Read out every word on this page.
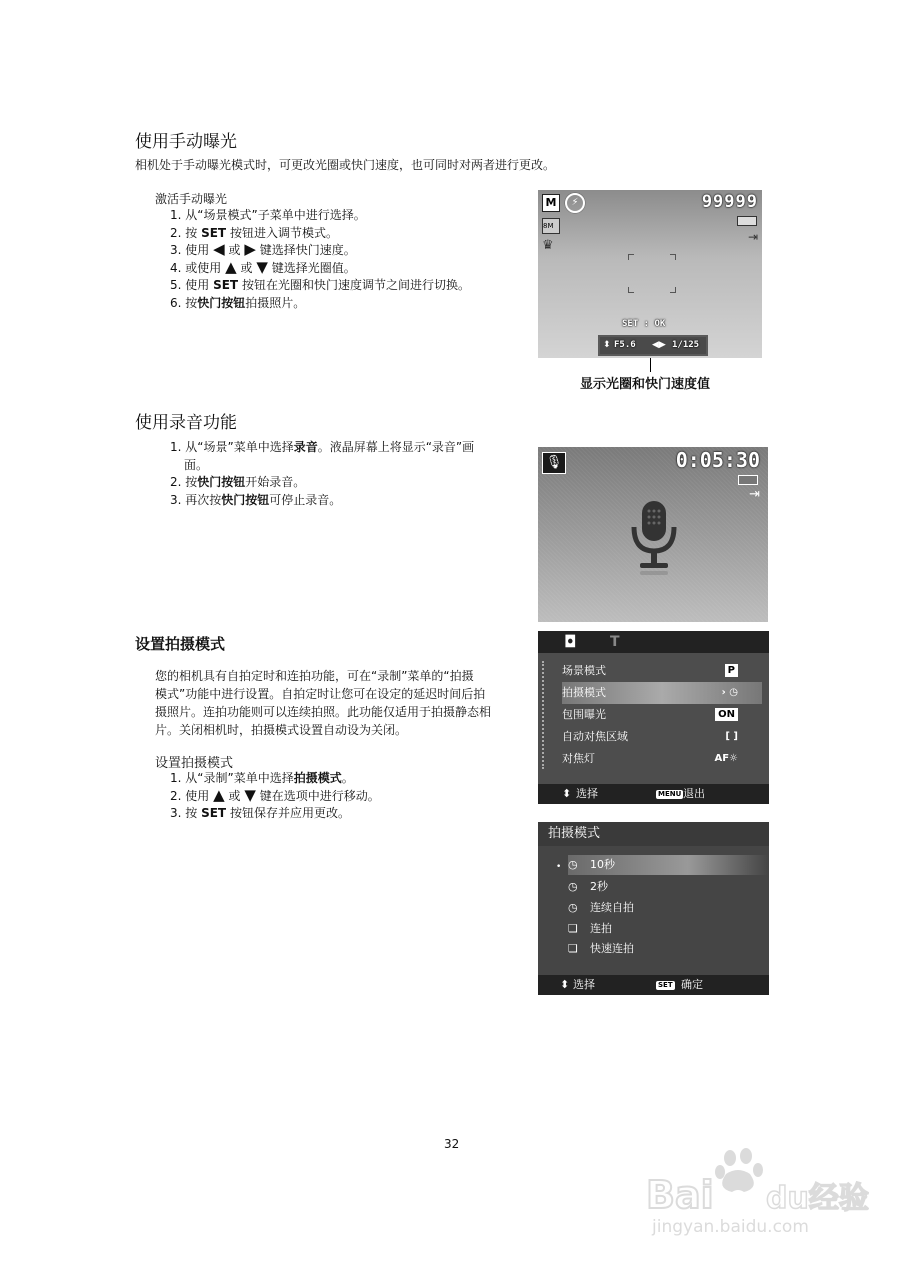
使用手动曝光
相机处于手动曝光模式时，可更改光圈或快门速度，也可同时对两者进行更改。
激活手动曝光
1. 从“场景模式”子菜单中进行选择。
2. 按 SET 按钮进入调节模式。
3. 使用 ◀ 或 ▶ 键选择快门速度。
4. 或使用 ▲ 或 ▼ 键选择光圈值。
5. 使用 SET 按钮在光圈和快门速度调节之间进行切换。
6. 按快门按钮拍摄照片。
M	⚡	99999
8M
♛
⇥
SET : OK
⬍ F5.6 ◀▶ 1/125
显示光圈和快门速度值
使用录音功能
1. 从“场景”菜单中选择录音。液晶屏幕上将显示“录音”画
面。
2. 按快门按钮开始录音。
3. 再次按快门按钮可停止录音。
🎙	0:05:30
⇥
设置拍摄模式
您的相机具有自拍定时和连拍功能，可在“录制”菜单的“拍摄
模式”功能中进行设置。自拍定时让您可在设定的延迟时间后拍
摄照片。连拍功能则可以连续拍照。此功能仅适用于拍摄静态相
片。关闭相机时，拍摄模式设置自动设为关闭。
设置拍摄模式
1. 从“录制”菜单中选择拍摄模式。
2. 使用 ▲ 或 ▼ 键在选项中进行移动。
3. 按 SET 按钮保存并应用更改。
◘ T
场景模式	P
拍摄模式	› ◷
包围曝光	ON
自动对焦区域	[ ]
对焦灯	AF☼
⬍ 选择	MENU 退出
拍摄模式
• ◷ 10秒
◷ 2秒
◷ 连续自拍
❏ 连拍
❏ 快速连拍
⬍ 选择	SET 确定
32
Bai du经验
jingyan.baidu.com
